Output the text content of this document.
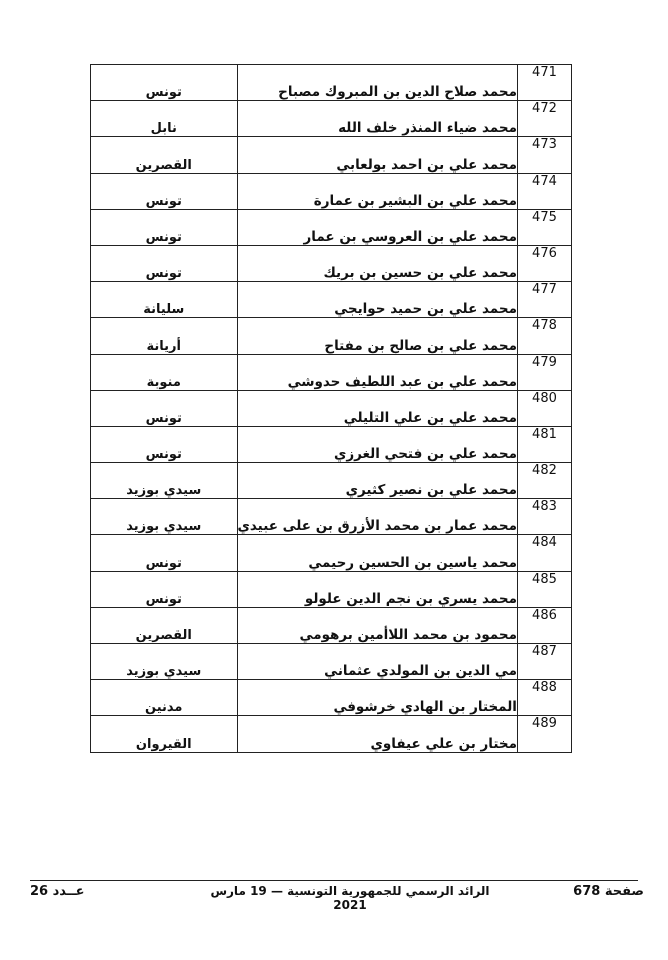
تونس	محمد صلاح الدين بن المبروك مصباح	471
نابل	محمد ضياء المنذر خلف الله	472
القصرين	محمد علي بن احمد بولعابي	473
تونس	محمد علي بن البشير بن عمارة	474
تونس	محمد علي بن العروسي بن عمار	475
تونس	محمد علي بن حسين بن بريك	476
سليانة	محمد علي بن حميد حوايجي	477
أريانة	محمد علي بن صالح بن مفتاح	478
منوبة	محمد علي بن عبد اللطيف حدوشي	479
تونس	محمد علي بن علي التليلي	480
تونس	محمد علي بن فتحي الغرزي	481
سيدي بوزيد	محمد علي بن نصير كثيري	482
سيدي بوزيد	محمد عمار بن محمد الأزرق بن على عبيدي	483
تونس	محمد ياسين بن الحسين رحيمي	484
تونس	محمد يسري بن نجم الدين علولو	485
القصرين	محمود بن محمد اللاأمين برهومي	486
سيدي بوزيد	مي الدين بن المولدي عثماني	487
مدنين	المختار بن الهادي خرشوفي	488
القيروان	مختار بن علي عيفاوي	489
صفحة 678
الرائد الرسمي للجمهورية التونسية — 19 مارس 2021
عــدد 26
